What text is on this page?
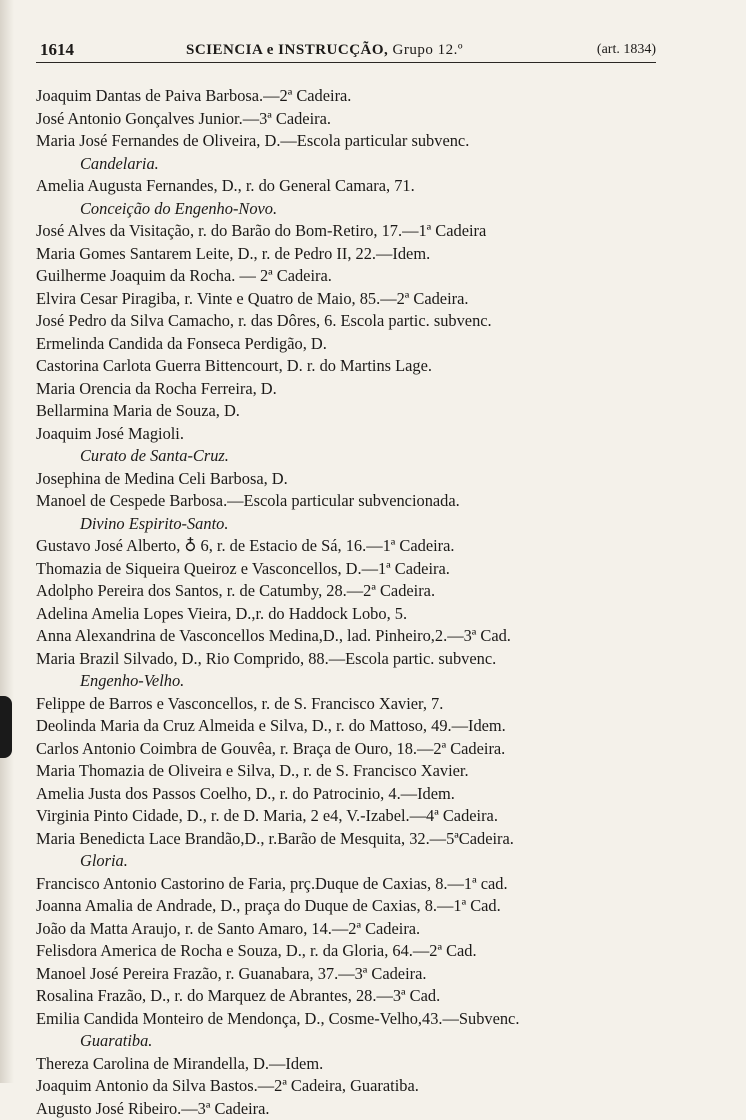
1614	SCIENCIA e INSTRUCÇÃO, Grupo 12.º	(art. 1834)
Joaquim Dantas de Paiva Barbosa.—2ª Cadeira.
José Antonio Gonçalves Junior.—3ª Cadeira.
Maria José Fernandes de Oliveira, D.—Escola particular subvenc.
Candelaria.
Amelia Augusta Fernandes, D., r. do General Camara, 71.
Conceição do Engenho-Novo.
José Alves da Visitação, r. do Barão do Bom-Retiro, 17.—1ª Cadeira
Maria Gomes Santarem Leite, D., r. de Pedro II, 22.—Idem.
Guilherme Joaquim da Rocha. — 2ª Cadeira.
Elvira Cesar Piragiba, r. Vinte e Quatro de Maio, 85.—2ª Cadeira.
José Pedro da Silva Camacho, r. das Dôres, 6. Escola partic. subvenc.
Ermelinda Candida da Fonseca Perdigão, D.
Castorina Carlota Guerra Bittencourt, D. r. do Martins Lage.
Maria Orencia da Rocha Ferreira, D.
Bellarmina Maria de Souza, D.
Joaquim José Magioli.
Curato de Santa-Cruz.
Josephina de Medina Celi Barbosa, D.
Manoel de Cespede Barbosa.—Escola particular subvencionada.
Divino Espirito-Santo.
Gustavo José Alberto, ♁ 6, r. de Estacio de Sá, 16.—1ª Cadeira.
Thomazia de Siqueira Queiroz e Vasconcellos, D.—1ª Cadeira.
Adolpho Pereira dos Santos, r. de Catumby, 28.—2ª Cadeira.
Adelina Amelia Lopes Vieira, D.,r. do Haddock Lobo, 5.
Anna Alexandrina de Vasconcellos Medina,D., lad. Pinheiro,2.—3ª Cad.
Maria Brazil Silvado, D., Rio Comprido, 88.—Escola partic. subvenc.
Engenho-Velho.
Felippe de Barros e Vasconcellos, r. de S. Francisco Xavier, 7.
Deolinda Maria da Cruz Almeida e Silva, D., r. do Mattoso, 49.—Idem.
Carlos Antonio Coimbra de Gouvêa, r. Braça de Ouro, 18.—2ª Cadeira.
Maria Thomazia de Oliveira e Silva, D., r. de S. Francisco Xavier.
Amelia Justa dos Passos Coelho, D., r. do Patrocinio, 4.—Idem.
Virginia Pinto Cidade, D., r. de D. Maria, 2 e4, V.-Izabel.—4ª Cadeira.
Maria Benedicta Lace Brandão,D., r.Barão de Mesquita, 32.—5ªCadeira.
Gloria.
Francisco Antonio Castorino de Faria, prç.Duque de Caxias, 8.—1ª cad.
Joanna Amalia de Andrade, D., praça do Duque de Caxias, 8.—1ª Cad.
João da Matta Araujo, r. de Santo Amaro, 14.—2ª Cadeira.
Felisdora America de Rocha e Souza, D., r. da Gloria, 64.—2ª Cad.
Manoel José Pereira Frazão, r. Guanabara, 37.—3ª Cadeira.
Rosalina Frazão, D., r. do Marquez de Abrantes, 28.—3ª Cad.
Emilia Candida Monteiro de Mendonça, D., Cosme-Velho,43.—Subvenc.
Guaratiba.
Thereza Carolina de Mirandella, D.—Idem.
Joaquim Antonio da Silva Bastos.—2ª Cadeira, Guaratiba.
Augusto José Ribeiro.—3ª Cadeira.
